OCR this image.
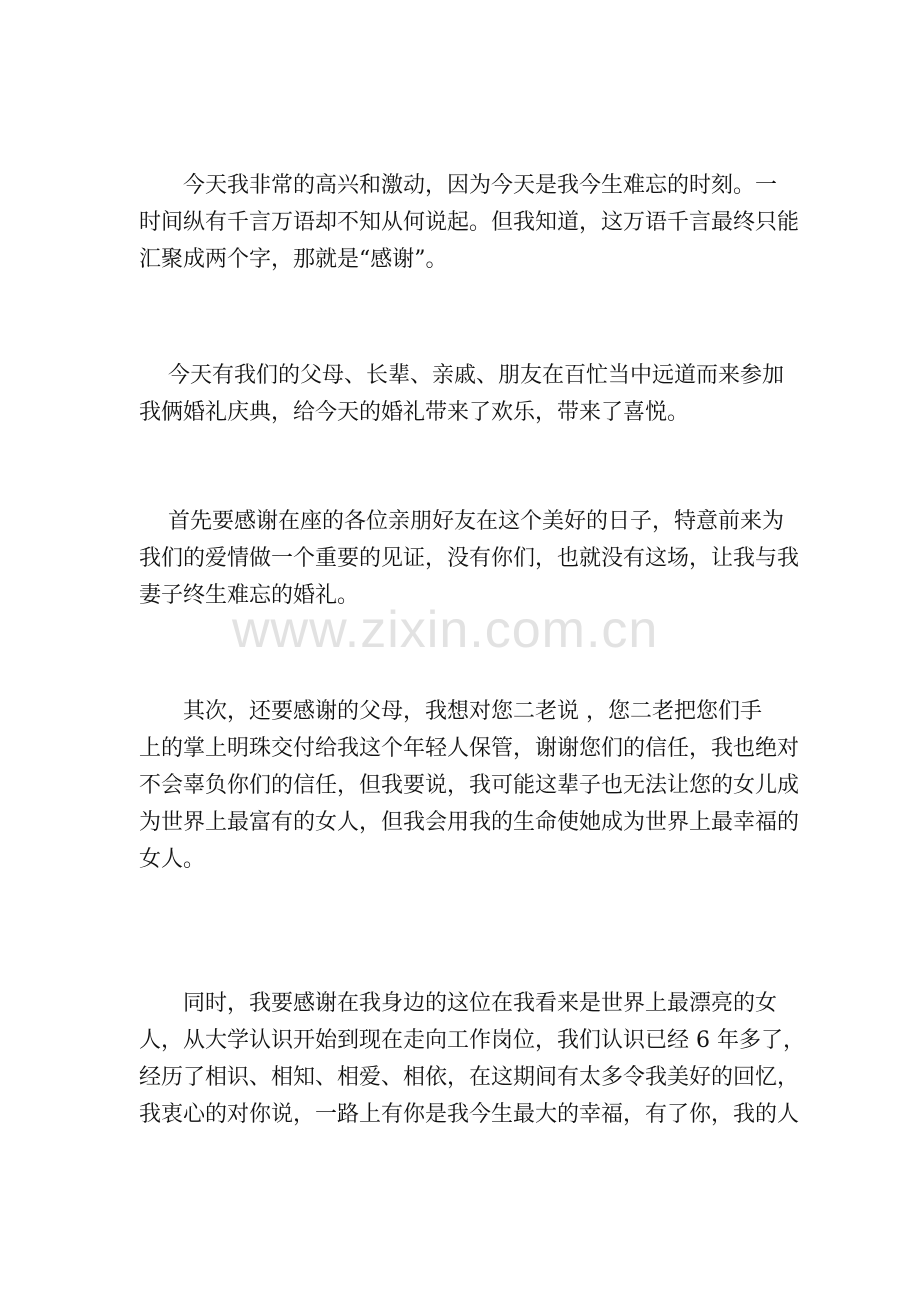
　　今天我非常的高兴和激动，因为今天是我今生难忘的时刻。一
时间纵有千言万语却不知从何说起。但我知道，这万语千言最终只能
汇聚成两个字，那就是“感谢”。
　 今天有我们的父母、长辈、亲戚、朋友在百忙当中远道而来参加
我俩婚礼庆典，给今天的婚礼带来了欢乐，带来了喜悦。
　 首先要感谢在座的各位亲朋好友在这个美好的日子，特意前来为
我们的爱情做一个重要的见证，没有你们，也就没有这场，让我与我
妻子终生难忘的婚礼。
　　其次，还要感谢的父母，我想对您二老说 ，您二老把您们手
上的掌上明珠交付给我这个年轻人保管，谢谢您们的信任，我也绝对
不会辜负你们的信任，但我要说，我可能这辈子也无法让您的女儿成
为世界上最富有的女人，但我会用我的生命使她成为世界上最幸福的
女人。
　　同时，我要感谢在我身边的这位在我看来是世界上最漂亮的女
人，从大学认识开始到现在走向工作岗位，我们认识已经 6 年多了，
经历了相识、相知、相爱、相依，在这期间有太多令我美好的回忆，
我衷心的对你说，一路上有你是我今生最大的幸福，有了你，我的人
www.zixin.com.cn
